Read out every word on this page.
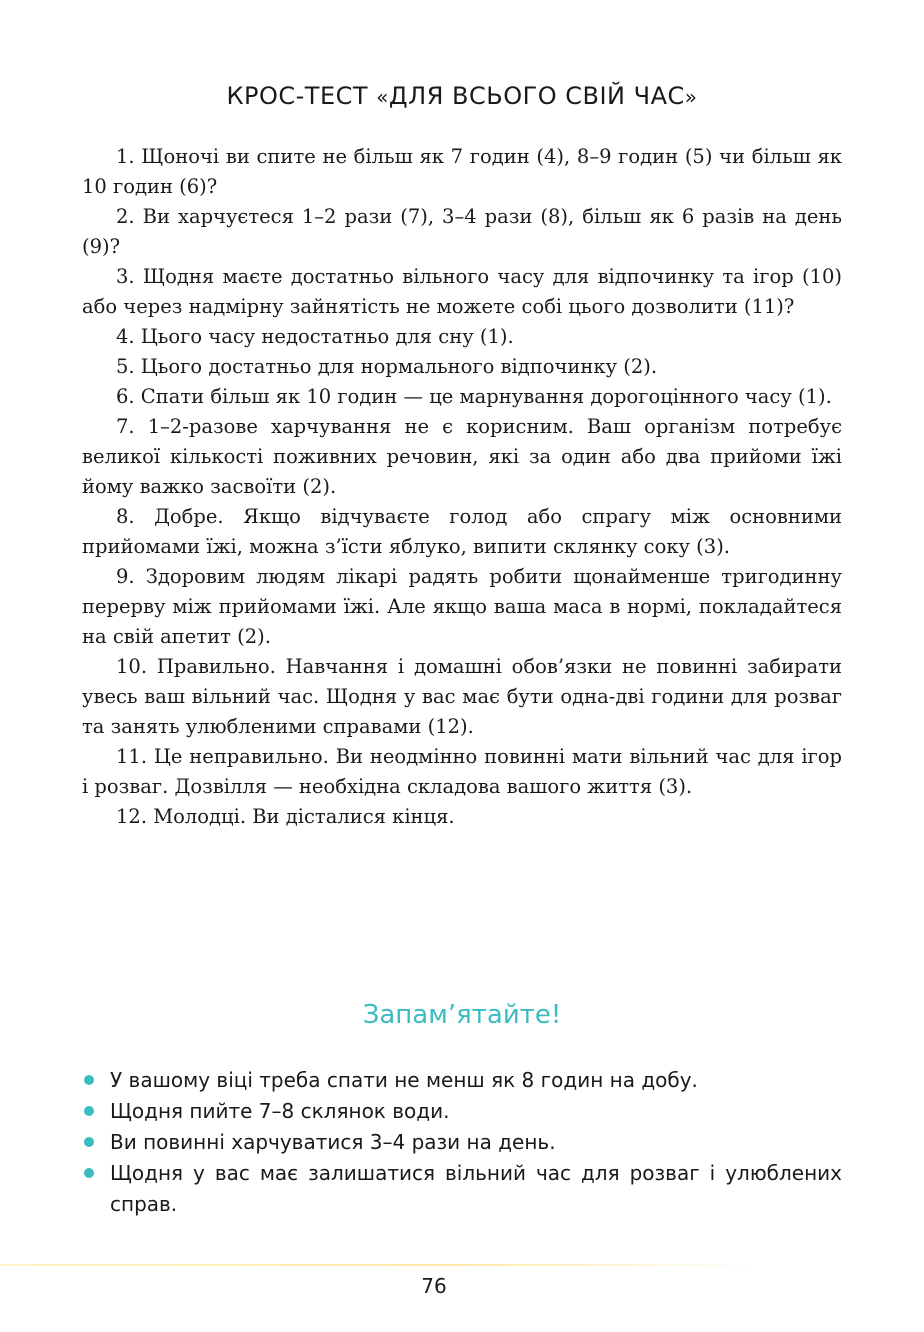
КРОС-ТЕСТ «ДЛЯ ВСЬОГО СВІЙ ЧАС»

1. Щоночі ви спите не більш як 7 годин (4), 8–9 годин (5) чи більш як 10 годин (6)?

2. Ви харчуєтеся 1–2 рази (7), 3–4 рази (8), більш як 6 разів на день (9)?

3. Щодня маєте достатньо вільного часу для відпочинку та ігор (10) або через надмірну зайнятість не можете собі цього дозволити (11)?

4. Цього часу недостатньо для сну (1).

5. Цього достатньо для нормального відпочинку (2).

6. Спати більш як 10 годин — це марнування дорогоцінного часу (1).

7. 1–2-разове харчування не є корисним. Ваш організм потребує великої кількості поживних речовин, які за один або два прийоми їжі йому важко засвоїти (2).

8. Добре. Якщо відчуваєте голод або спрагу між основними прийомами їжі, можна з’їсти яблуко, випити склянку соку (3).

9. Здоровим людям лікарі радять робити щонайменше тригодинну перерву між прийомами їжі. Але якщо ваша маса в нормі, покладайтеся на свій апетит (2).

10. Правильно. Навчання і домашні обов’язки не повинні забирати увесь ваш вільний час. Щодня у вас має бути одна-дві години для розваг та занять улюбленими справами (12).

11. Це неправильно. Ви неодмінно повинні мати вільний час для ігор і розваг. Дозвілля — необхідна складова вашого життя (3).

12. Молодці. Ви дісталися кінця.

Запам’ятайте!
У вашому віці треба спати не менш як 8 годин на добу.
Щодня пийте 7–8 склянок води.
Ви повинні харчуватися 3–4 рази на день.
Щодня у вас має залишатися вільний час для розваг і улюблених справ.
76
